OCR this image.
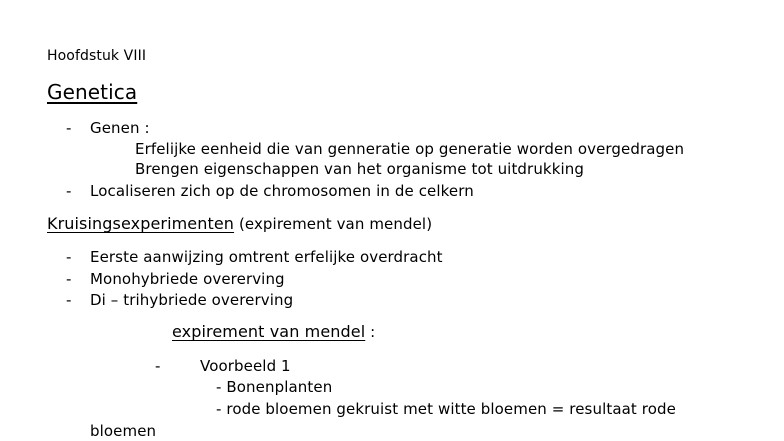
Hoofdstuk VIII
Genetica
- Genen :
Erfelijke eenheid die van genneratie op generatie worden overgedragen
Brengen eigenschappen van het organisme tot uitdrukking
- Localiseren zich op de chromosomen in de celkern
Kruisingsexperimenten (expirement van mendel)
- Eerste aanwijzing omtrent erfelijke overdracht
- Monohybriede overerving
- Di – trihybriede overerving
expirement van mendel :
-	Voorbeeld 1
- Bonenplanten
- rode bloemen gekruist met witte bloemen = resultaat rode
bloemen
